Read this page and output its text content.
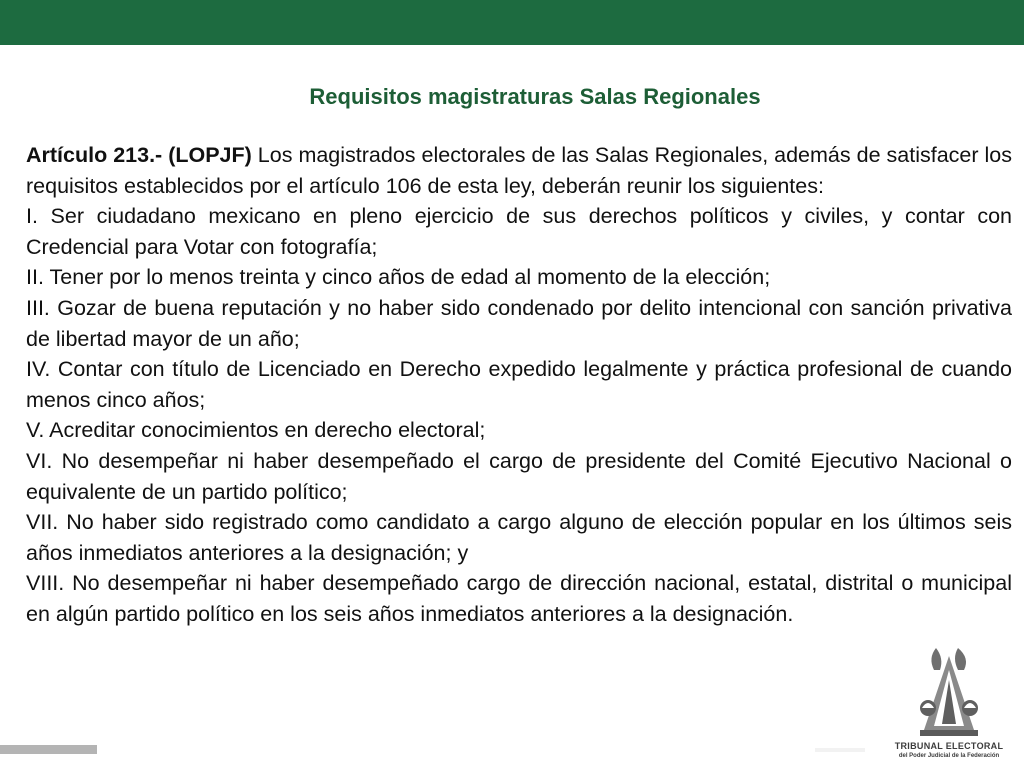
Requisitos magistraturas Salas Regionales

Artículo 213.- (LOPJF) Los magistrados electorales de las Salas Regionales, además de satisfacer los requisitos establecidos por el artículo 106 de esta ley, deberán reunir los siguientes:

I. Ser ciudadano mexicano en pleno ejercicio de sus derechos políticos y civiles, y contar con Credencial para Votar con fotografía;

II. Tener por lo menos treinta y cinco años de edad al momento de la elección;

III. Gozar de buena reputación y no haber sido condenado por delito intencional con sanción privativa de libertad mayor de un año;

IV. Contar con título de Licenciado en Derecho expedido legalmente y práctica profesional de cuando menos cinco años;

V. Acreditar conocimientos en derecho electoral;

VI. No desempeñar ni haber desempeñado el cargo de presidente del Comité Ejecutivo Nacional o equivalente de un partido político;

VII. No haber sido registrado como candidato a cargo alguno de elección popular en los últimos seis años inmediatos anteriores a la designación; y

VIII. No desempeñar ni haber desempeñado cargo de dirección nacional, estatal, distrital o municipal en algún partido político en los seis años inmediatos anteriores a la designación.

TRIBUNAL ELECTORAL
del Poder Judicial de la Federación
